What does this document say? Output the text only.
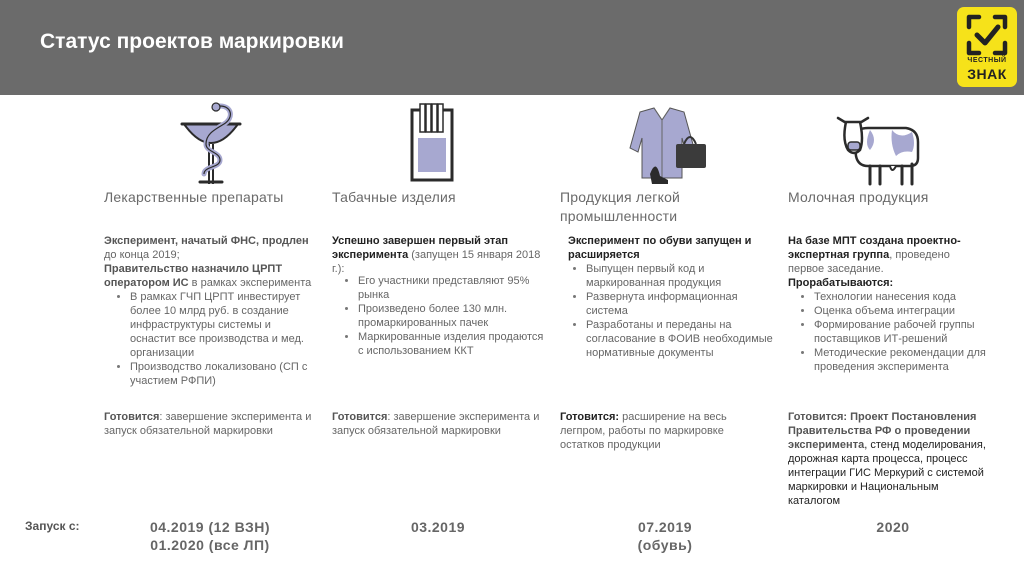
Статус проектов маркировки
ЧЕСТНЫЙ
ЗНАК
Лекарственные препараты
Эксперимент, начатый ФНС, продлен до конца 2019;
Правительство назначило ЦРПТ оператором ИС в рамках эксперимента
• В рамках ГЧП ЦРПТ инвестирует более 10 млрд руб. в создание инфраструктуры системы и оснастит все производства и мед. организации
• Производство локализовано (СП с участием РФПИ)
Готовится: завершение эксперимента и запуск обязательной маркировки
Табачные изделия
Успешно завершен первый этап эксперимента (запущен 15 января 2018 г.):
• Его участники представляют 95% рынка
• Произведено более 130 млн. промаркированных пачек
• Маркированные изделия продаются с использованием ККТ
Готовится: завершение эксперимента и запуск обязательной маркировки
Продукция легкой промышленности
Эксперимент по обуви запущен и расширяется
• Выпущен первый код и маркированная продукция
• Развернута информационная система
• Разработаны и переданы на согласование в ФОИВ необходимые нормативные документы
Готовится: расширение на весь легпром, работы по маркировке остатков продукции
Молочная продукция
На базе МПТ создана проектно-экспертная группа, проведено первое заседание.
Прорабатываются:
• Технологии нанесения кода
• Оценка объема интеграции
• Формирование рабочей группы поставщиков ИТ-решений
• Методические рекомендации для проведения эксперимента
Готовится: Проект Постановления Правительства РФ о проведении эксперимента, стенд моделирования, дорожная карта процесса, процесс интеграции ГИС Меркурий с системой маркировки и Национальным каталогом
Запуск с:	04.2019 (12 ВЗН)
01.2020 (все ЛП)
03.2019	07.2019
(обувь)
2020
